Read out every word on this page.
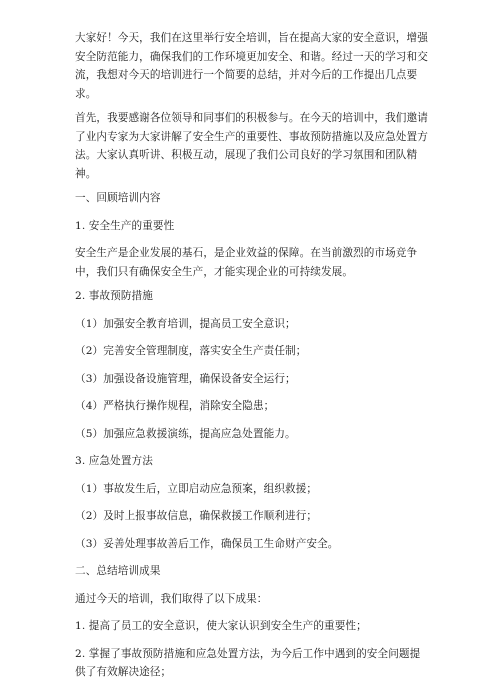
大家好！今天，我们在这里举行安全培训，旨在提高大家的安全意识，增强安全防范能力，确保我们的工作环境更加安全、和谐。经过一天的学习和交流，我想对今天的培训进行一个简要的总结，并对今后的工作提出几点要求。

首先，我要感谢各位领导和同事们的积极参与。在今天的培训中，我们邀请了业内专家为大家讲解了安全生产的重要性、事故预防措施以及应急处置方法。大家认真听讲、积极互动，展现了我们公司良好的学习氛围和团队精神。

一、回顾培训内容

1. 安全生产的重要性

安全生产是企业发展的基石，是企业效益的保障。在当前激烈的市场竞争中，我们只有确保安全生产，才能实现企业的可持续发展。

2. 事故预防措施

（1）加强安全教育培训，提高员工安全意识；

（2）完善安全管理制度，落实安全生产责任制；

（3）加强设备设施管理，确保设备安全运行；

（4）严格执行操作规程，消除安全隐患；

（5）加强应急救援演练，提高应急处置能力。

3. 应急处置方法

（1）事故发生后，立即启动应急预案，组织救援；

（2）及时上报事故信息，确保救援工作顺利进行；

（3）妥善处理事故善后工作，确保员工生命财产安全。

二、总结培训成果

通过今天的培训，我们取得了以下成果：

1. 提高了员工的安全意识，使大家认识到安全生产的重要性；

2. 掌握了事故预防措施和应急处置方法，为今后工作中遇到的安全问题提供了有效解决途径；
